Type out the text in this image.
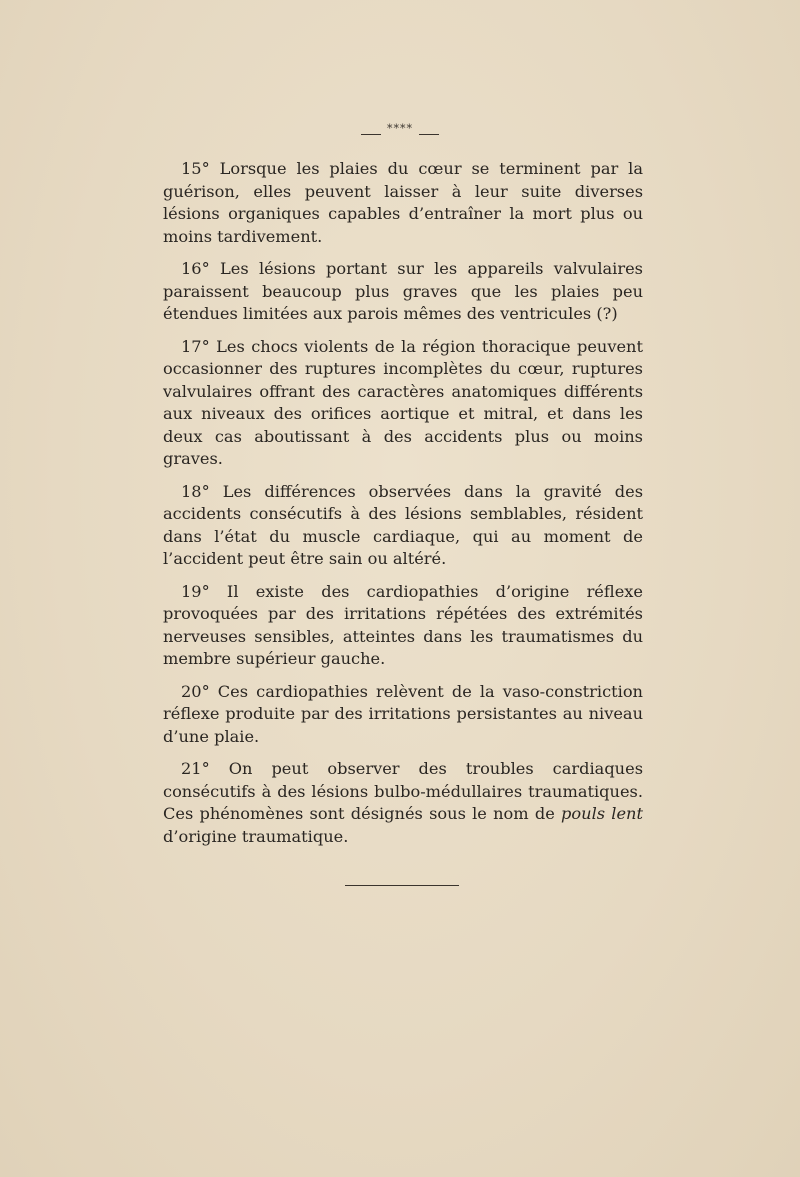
****

15° Lorsque les plaies du cœur se terminent par la guérison, elles peuvent laisser à leur suite diverses lésions organiques capables d’entraîner la mort plus ou moins tardivement.

16° Les lésions portant sur les appareils valvulaires paraissent beaucoup plus graves que les plaies peu étendues limitées aux parois mêmes des ventricules (?)

17° Les chocs violents de la région thoracique peuvent occasionner des ruptures incomplètes du cœur, ruptures valvulaires offrant des caractères anatomiques différents aux niveaux des orifices aortique et mitral, et dans les deux cas aboutissant à des accidents plus ou moins graves.

18° Les différences observées dans la gravité des accidents consécutifs à des lésions semblables, résident dans l’état du muscle cardiaque, qui au moment de l’accident peut être sain ou altéré.

19° Il existe des cardiopathies d’origine réflexe provoquées par des irritations répétées des extrémités nerveuses sensibles, atteintes dans les traumatismes du membre supérieur gauche.

20° Ces cardiopathies relèvent de la vaso-constriction réflexe produite par des irritations persistantes au niveau d’une plaie.

21° On peut observer des troubles cardiaques consécutifs à des lésions bulbo-médullaires traumatiques. Ces phénomènes sont désignés sous le nom de pouls lent d’origine traumatique.
